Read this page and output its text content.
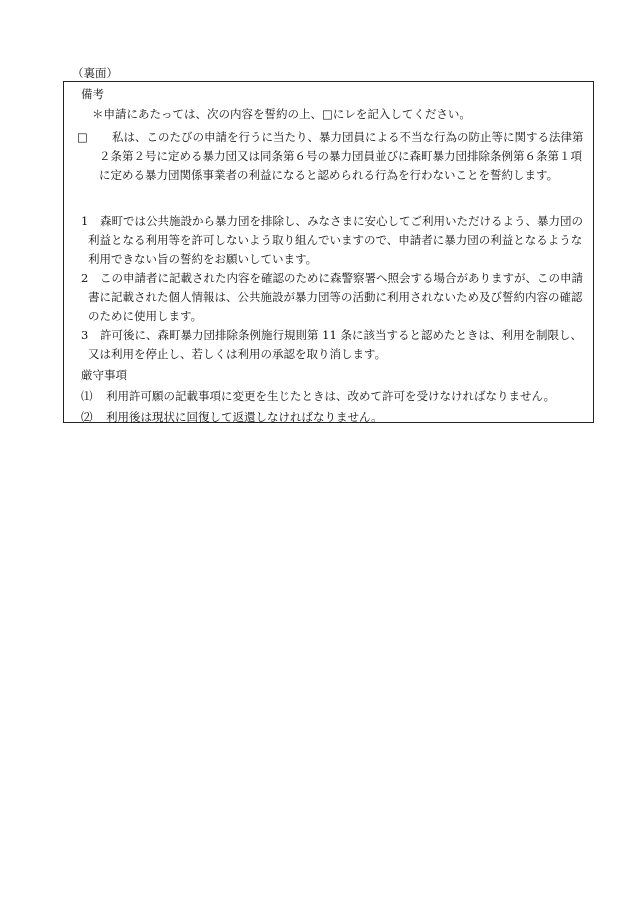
（裏面）
備考
＊申請にあたっては、次の内容を誓約の上、□にレを記入してください。
□	私は、このたびの申請を行うに当たり、暴力団員による不当な行為の防止等に関する法律第２条第２号に定める暴力団又は同条第６号の暴力団員並びに森町暴力団排除条例第６条第１項に定める暴力団関係事業者の利益になると認められる行為を行わないことを誓約します。
1	森町では公共施設から暴力団を排除し、みなさまに安心してご利用いただけるよう、暴力団の利益となる利用等を許可しないよう取り組んでいますので、申請者に暴力団の利益となるような利用できない旨の誓約をお願いしています。
2	この申請者に記載された内容を確認のために森警察署へ照会する場合がありますが、この申請書に記載された個人情報は、公共施設が暴力団等の活動に利用されないため及び誓約内容の確認のために使用します。
3	許可後に、森町暴力団排除条例施行規則第 11 条に該当すると認めたときは、利用を制限し、又は利用を停止し、若しくは利用の承認を取り消します。
厳守事項
⑴ 利用許可願の記載事項に変更を生じたときは、改めて許可を受けなければなりません。
⑵ 利用後は現状に回復して返還しなければなりません。
